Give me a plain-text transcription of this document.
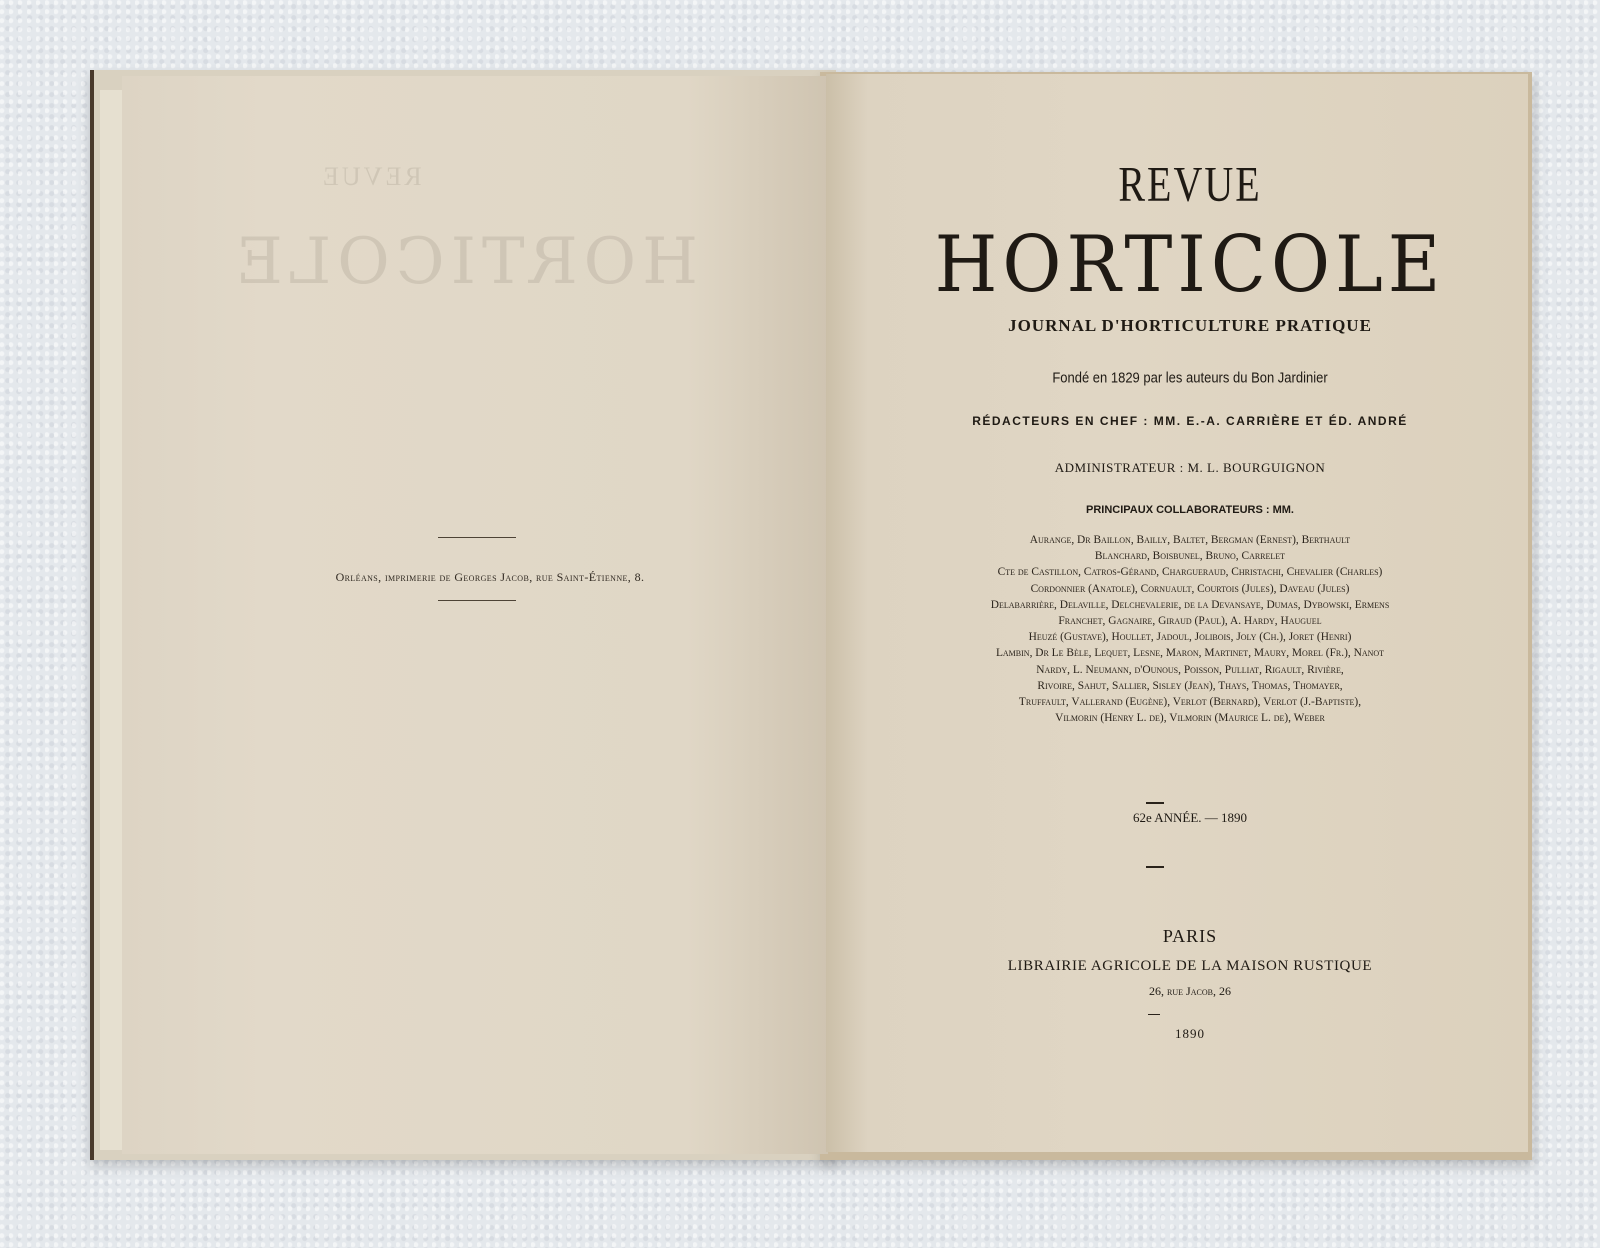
REVUE
HORTICOLE
Orléans, imprimerie de Georges Jacob, rue Saint-Étienne, 8.
REVUE
HORTICOLE
JOURNAL D'HORTICULTURE PRATIQUE
Fondé en 1829 par les auteurs du Bon Jardinier
RÉDACTEURS EN CHEF : MM. E.-A. CARRIÈRE ET ÉD. ANDRÉ
ADMINISTRATEUR : M. L. BOURGUIGNON
PRINCIPAUX COLLABORATEURS : MM.
Aurange, Dr Baillon, Bailly, Baltet, Bergman (Ernest), Berthault
Blanchard, Boisbunel, Bruno, Carrelet
Cte de Castillon, Catros-Gérand, Chargueraud, Christachi, Chevalier (Charles)
Cordonnier (Anatole), Cornuault, Courtois (Jules), Daveau (Jules)
Delabarrière, Delaville, Delchevalerie, de la Devansaye, Dumas, Dybowski, Ermens
Franchet, Gagnaire, Giraud (Paul), A. Hardy, Hauguel
Heuzé (Gustave), Houllet, Jadoul, Jolibois, Joly (Ch.), Joret (Henri)
Lambin, Dr Le Bèle, Lequet, Lesne, Maron, Martinet, Maury, Morel (Fr.), Nanot
Nardy, L. Neumann, d'Ounous, Poisson, Pulliat, Rigault, Rivière,
Rivoire, Sahut, Sallier, Sisley (Jean), Thays, Thomas, Thomayer,
Truffault, Vallerand (Eugène), Verlot (Bernard), Verlot (J.-Baptiste),
Vilmorin (Henry L. de), Vilmorin (Maurice L. de), Weber
62e ANNÉE. — 1890
PARIS
LIBRAIRIE AGRICOLE DE LA MAISON RUSTIQUE
26, rue Jacob, 26
1890
